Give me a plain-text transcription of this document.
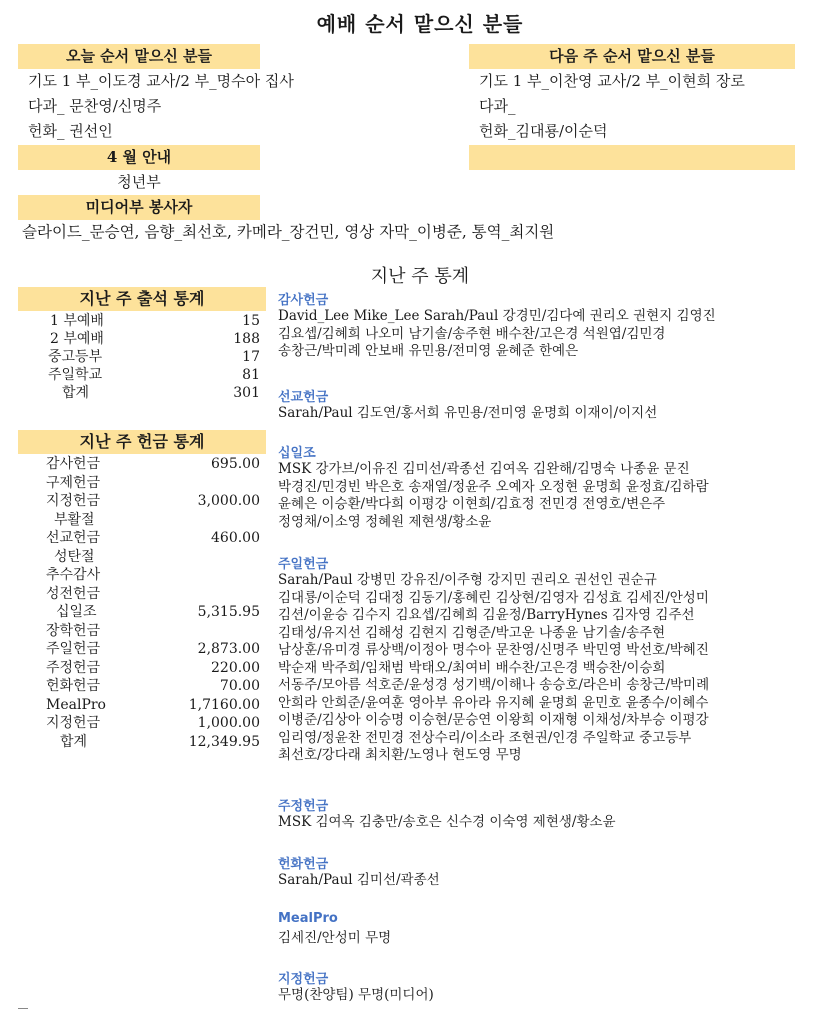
예배 순서 맡으신 분들
오늘 순서 맡으신 분들
기도 1 부_이도경 교사/2 부_명수아 집사
다과_ 문찬영/신명주
헌화_ 권선인
다음 주 순서 맡으신 분들
기도 1 부_이찬영 교사/2 부_이현희 장로
다과_
헌화_김대룡/이순덕
4 월 안내
청년부
미디어부 봉사자
슬라이드_문승연, 음향_최선호, 카메라_장건민, 영상 자막_이병준, 통역_최지원
지난 주 통계
지난 주 출석 통계
1 부예배	15
2 부예배	188
중고등부	17
주일학교	81
합계	301
지난 주 헌금 통계
감사헌금	695.00
구제헌금
지정헌금	3,000.00
부활절
선교헌금	460.00
성탄절
추수감사
성전헌금
십일조	5,315.95
장학헌금
주일헌금	2,873.00
주정헌금	220.00
헌화헌금	70.00
MealPro	1,7160.00
지정헌금	1,000.00
합계	12,349.95
감사헌금
David_Lee Mike_Lee Sarah/Paul 강경민/김다예 권리오 권현지 김영진
김요셉/김혜희 나오미 남기솔/송주현 배수찬/고은경 석원엽/김민경
송창근/박미례 안보배 유민용/전미영 윤혜준 한예은
선교헌금
Sarah/Paul 김도연/홍서희 유민용/전미영 윤명희 이재이/이지선
십일조
MSK 강가브/이유진 김미선/곽종선 김여옥 김완해/김명숙 나종윤 문진
박경진/민경빈 박은호 송재열/정윤주 오예자 오정현 윤명희 윤정효/김하람
윤혜은 이승환/박다희 이평강 이현희/김효정 전민경 전영호/변은주
정영채/이소영 정혜원 제현생/황소윤
주일헌금
Sarah/Paul 강병민 강유진/이주형 강지민 권리오 권선인 권순규
김대룡/이순덕 김대정 김동기/홍혜린 김상현/김영자 김성효 김세진/안성미
김션/이윤승 김수지 김요셉/김혜희 김윤정/BarryHynes 김자영 김주선
김태성/유지선 김해성 김현지 김형준/박고운 나종윤 남기솔/송주현
남상훈/유미경 류상백/이정아 명수아 문찬영/신명주 박민영 박선호/박혜진
박순재 박주희/임채범 박태오/최여비 배수찬/고은경 백승찬/이승희
서동주/모아름 석호준/윤성경 성기백/이해나 송승호/라은비 송창근/박미례
안희라 안희준/윤여훈 영아부 유아라 유지혜 윤명희 윤민호 윤종수/이혜수
이병준/김상아 이승명 이승현/문승연 이왕희 이재형 이채성/차부승 이평강
임리영/정윤찬 전민경 전상수리/이소라 조현권/인경 주일학교 중고등부
최선호/강다래 최치환/노영나 현도영 무명
주정헌금
MSK 김여옥 김충만/송호은 신수경 이숙영 제현생/황소윤
헌화헌금
Sarah/Paul 김미선/곽종선
MealPro
김세진/안성미 무명
지정헌금
무명(찬양팀) 무명(미디어)
